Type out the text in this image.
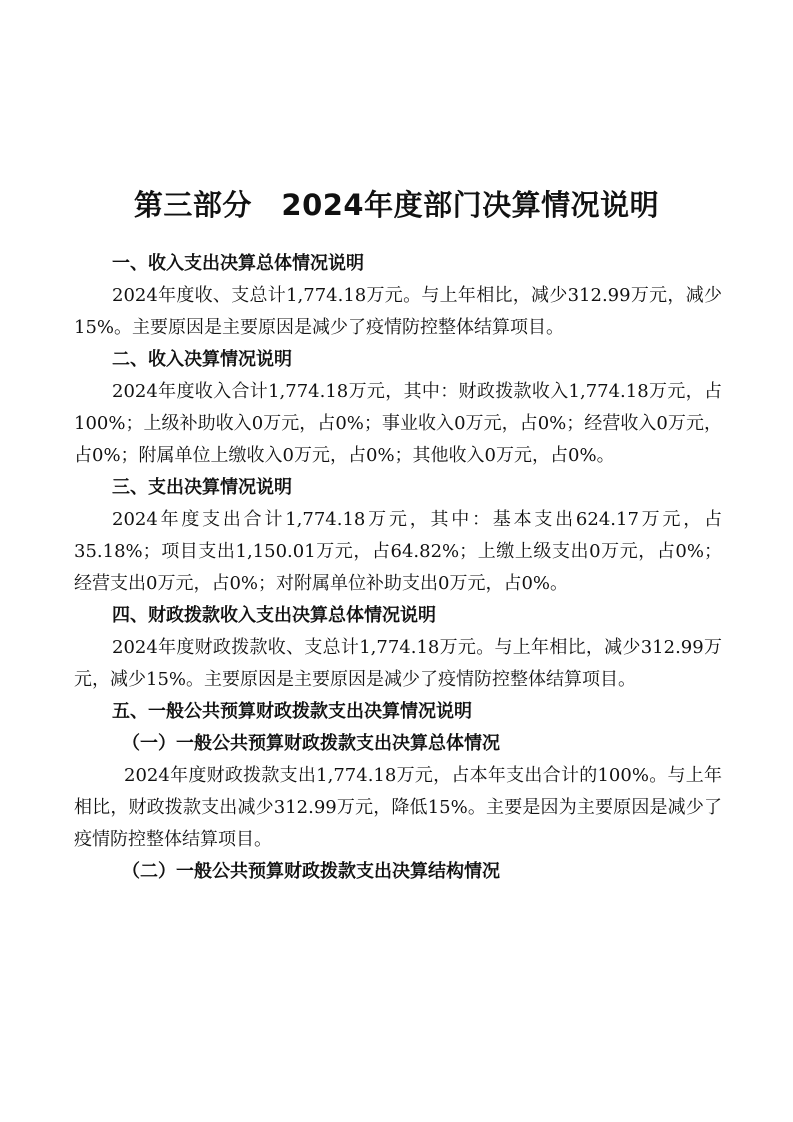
第三部分　2024年度部门决算情况说明

一、收入支出决算总体情况说明

2024年度收、支总计1,774.18万元。与上年相比，减少312.99万元，减少15%。主要原因是主要原因是减少了疫情防控整体结算项目。

二、收入决算情况说明

2024年度收入合计1,774.18万元，其中：财政拨款收入1,774.18万元，占100%；上级补助收入0万元，占0%；事业收入0万元，占0%；经营收入0万元，占0%；附属单位上缴收入0万元，占0%；其他收入0万元，占0%。

三、支出决算情况说明

2024年度支出合计1,774.18万元，其中：基本支出624.17万元，占35.18%；项目支出1,150.01万元，占64.82%；上缴上级支出0万元，占0%；经营支出0万元，占0%；对附属单位补助支出0万元，占0%。

四、财政拨款收入支出决算总体情况说明

2024年度财政拨款收、支总计1,774.18万元。与上年相比，减少312.99万元，减少15%。主要原因是主要原因是减少了疫情防控整体结算项目。

五、一般公共预算财政拨款支出决算情况说明

（一）一般公共预算财政拨款支出决算总体情况

2024年度财政拨款支出1,774.18万元，占本年支出合计的100%。与上年相比，财政拨款支出减少312.99万元，降低15%。主要是因为主要原因是减少了疫情防控整体结算项目。

（二）一般公共预算财政拨款支出决算结构情况
